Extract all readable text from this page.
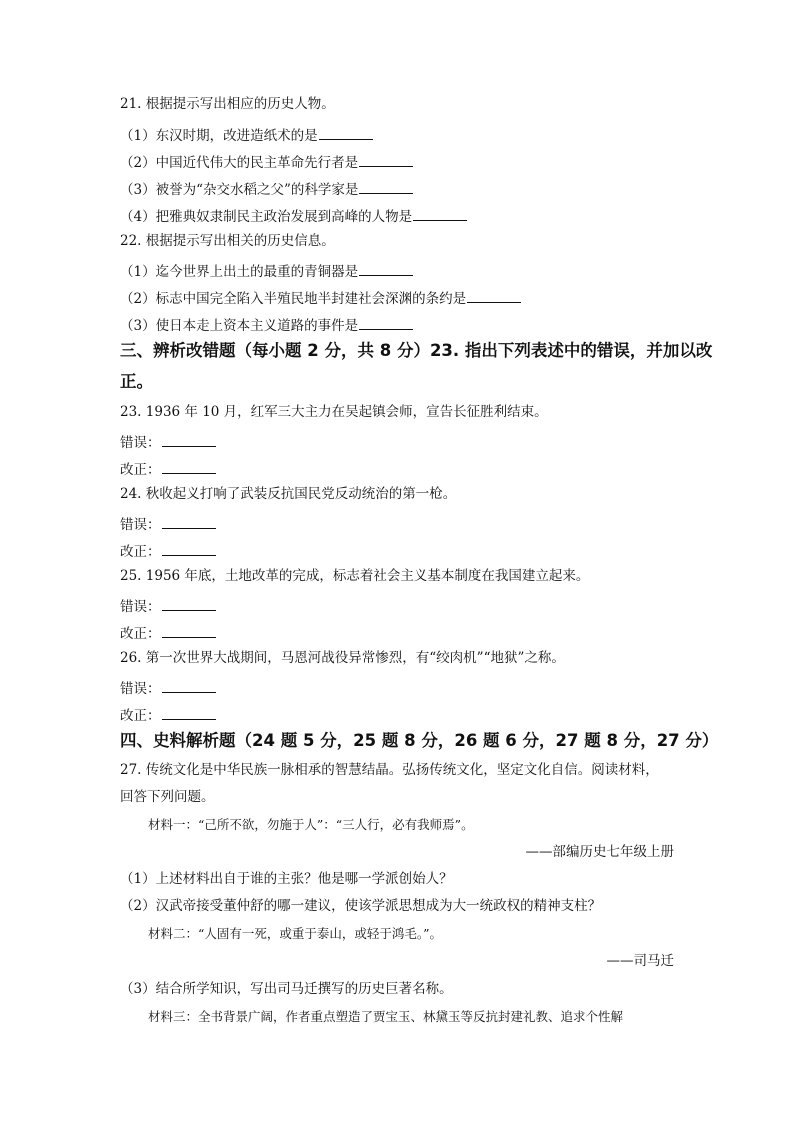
21. 根据提示写出相应的历史人物。
（1）东汉时期，改进造纸术的是
（2）中国近代伟大的民主革命先行者是
（3）被誉为“杂交水稻之父”的科学家是
（4）把雅典奴隶制民主政治发展到高峰的人物是
22. 根据提示写出相关的历史信息。
（1）迄今世界上出土的最重的青铜器是
（2）标志中国完全陷入半殖民地半封建社会深渊的条约是
（3）使日本走上资本主义道路的事件是
三、辨析改错题（每小题 2 分，共 8 分）23. 指出下列表述中的错误，并加以改
正。
23. 1936 年 10 月，红军三大主力在吴起镇会师，宣告长征胜利结束。
错误：
改正：
24. 秋收起义打响了武装反抗国民党反动统治的第一枪。
错误：
改正：
25. 1956 年底，土地改革的完成，标志着社会主义基本制度在我国建立起来。
错误：
改正：
26. 第一次世界大战期间，马恩河战役异常惨烈，有“绞肉机”“地狱”之称。
错误：
改正：
四、史料解析题（24 题 5 分，25 题 8 分，26 题 6 分，27 题 8 分，27 分）
27. 传统文化是中华民族一脉相承的智慧结晶。弘扬传统文化，坚定文化自信。阅读材料，
回答下列问题。
材料一：“己所不欲，勿施于人”：“三人行，必有我师焉”。
——部编历史七年级上册
（1）上述材料出自于谁的主张？他是哪一学派创始人？
（2）汉武帝接受董仲舒的哪一建议，使该学派思想成为大一统政权的精神支柱？
材料二：“人固有一死，或重于泰山，或轻于鸿毛。”。
——司马迁
（3）结合所学知识，写出司马迁撰写的历史巨著名称。
材料三：全书背景广阔，作者重点塑造了贾宝玉、林黛玉等反抗封建礼教、追求个性解
